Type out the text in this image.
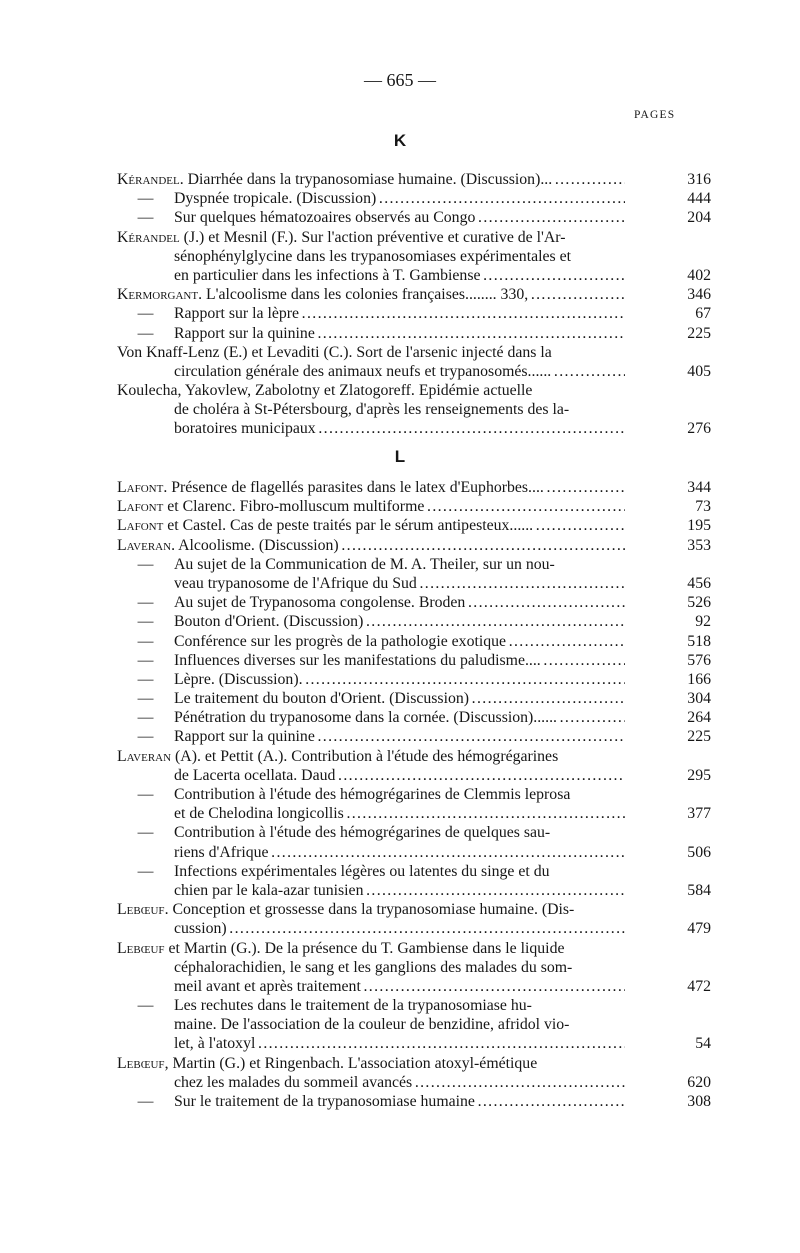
— 665 —
PAGES
K
Kérandel. Diarrhée dans la trypanosomiase humaine. (Discussion)... . . .	316
— Dyspnée tropicale. (Discussion) . . .	444
— Sur quelques hématozoaires observés au Congo . . .	204
Kérandel (J.) et Mesnil (F.). Sur l'action préventive et curative de l'Ar-
sénophénylglycine dans les trypanosomiases expérimentales et
en particulier dans les infections à T. Gambiense . . .	402
Kermorgant. L'alcoolisme dans les colonies françaises........ 330, . . .	346
— Rapport sur la lèpre . . .	67
— Rapport sur la quinine . . .	225
Von Knaff-Lenz (E.) et Levaditi (C.). Sort de l'arsenic injecté dans la
circulation générale des animaux neufs et trypanosomés...... . . .	405
Koulecha, Yakovlew, Zabolotny et Zlatogoreff. Epidémie actuelle
de choléra à St-Pétersbourg, d'après les renseignements des la-
boratoires municipaux . . .	276
L
Lafont. Présence de flagellés parasites dans le latex d'Euphorbes.... . . .	344
Lafont et Clarenc. Fibro-molluscum multiforme . . .	73
Lafont et Castel. Cas de peste traités par le sérum antipesteux...... . . .	195
Laveran. Alcoolisme. (Discussion) . . .	353
— Au sujet de la Communication de M. A. Theiler, sur un nou-
veau trypanosome de l'Afrique du Sud . . .	456
— Au sujet de Trypanosoma congolense. Broden . . .	526
— Bouton d'Orient. (Discussion) . . .	92
— Conférence sur les progrès de la pathologie exotique . . .	518
— Influences diverses sur les manifestations du paludisme.... . . .	576
— Lèpre. (Discussion). . . .	166
— Le traitement du bouton d'Orient. (Discussion) . . .	304
— Pénétration du trypanosome dans la cornée. (Discussion)...... . . .	264
— Rapport sur la quinine . . .	225
Laveran (A). et Pettit (A.). Contribution à l'étude des hémogrégarines
de Lacerta ocellata. Daud . . .	295
— Contribution à l'étude des hémogrégarines de Clemmis leprosa
et de Chelodina longicollis . . .	377
— Contribution à l'étude des hémogrégarines de quelques sau-
riens d'Afrique . . .	506
— Infections expérimentales légères ou latentes du singe et du
chien par le kala-azar tunisien . . .	584
Lebœuf. Conception et grossesse dans la trypanosomiase humaine. (Dis-
cussion) . . .	479
Lebœuf et Martin (G.). De la présence du T. Gambiense dans le liquide
céphalorachidien, le sang et les ganglions des malades du som-
meil avant et après traitement . . .	472
— Les rechutes dans le traitement de la trypanosomiase hu-
maine. De l'association de la couleur de benzidine, afridol vio-
let, à l'atoxyl . . .	54
Lebœuf, Martin (G.) et Ringenbach. L'association atoxyl-émétique
chez les malades du sommeil avancés . . .	620
— Sur le traitement de la trypanosomiase humaine . . .	308
